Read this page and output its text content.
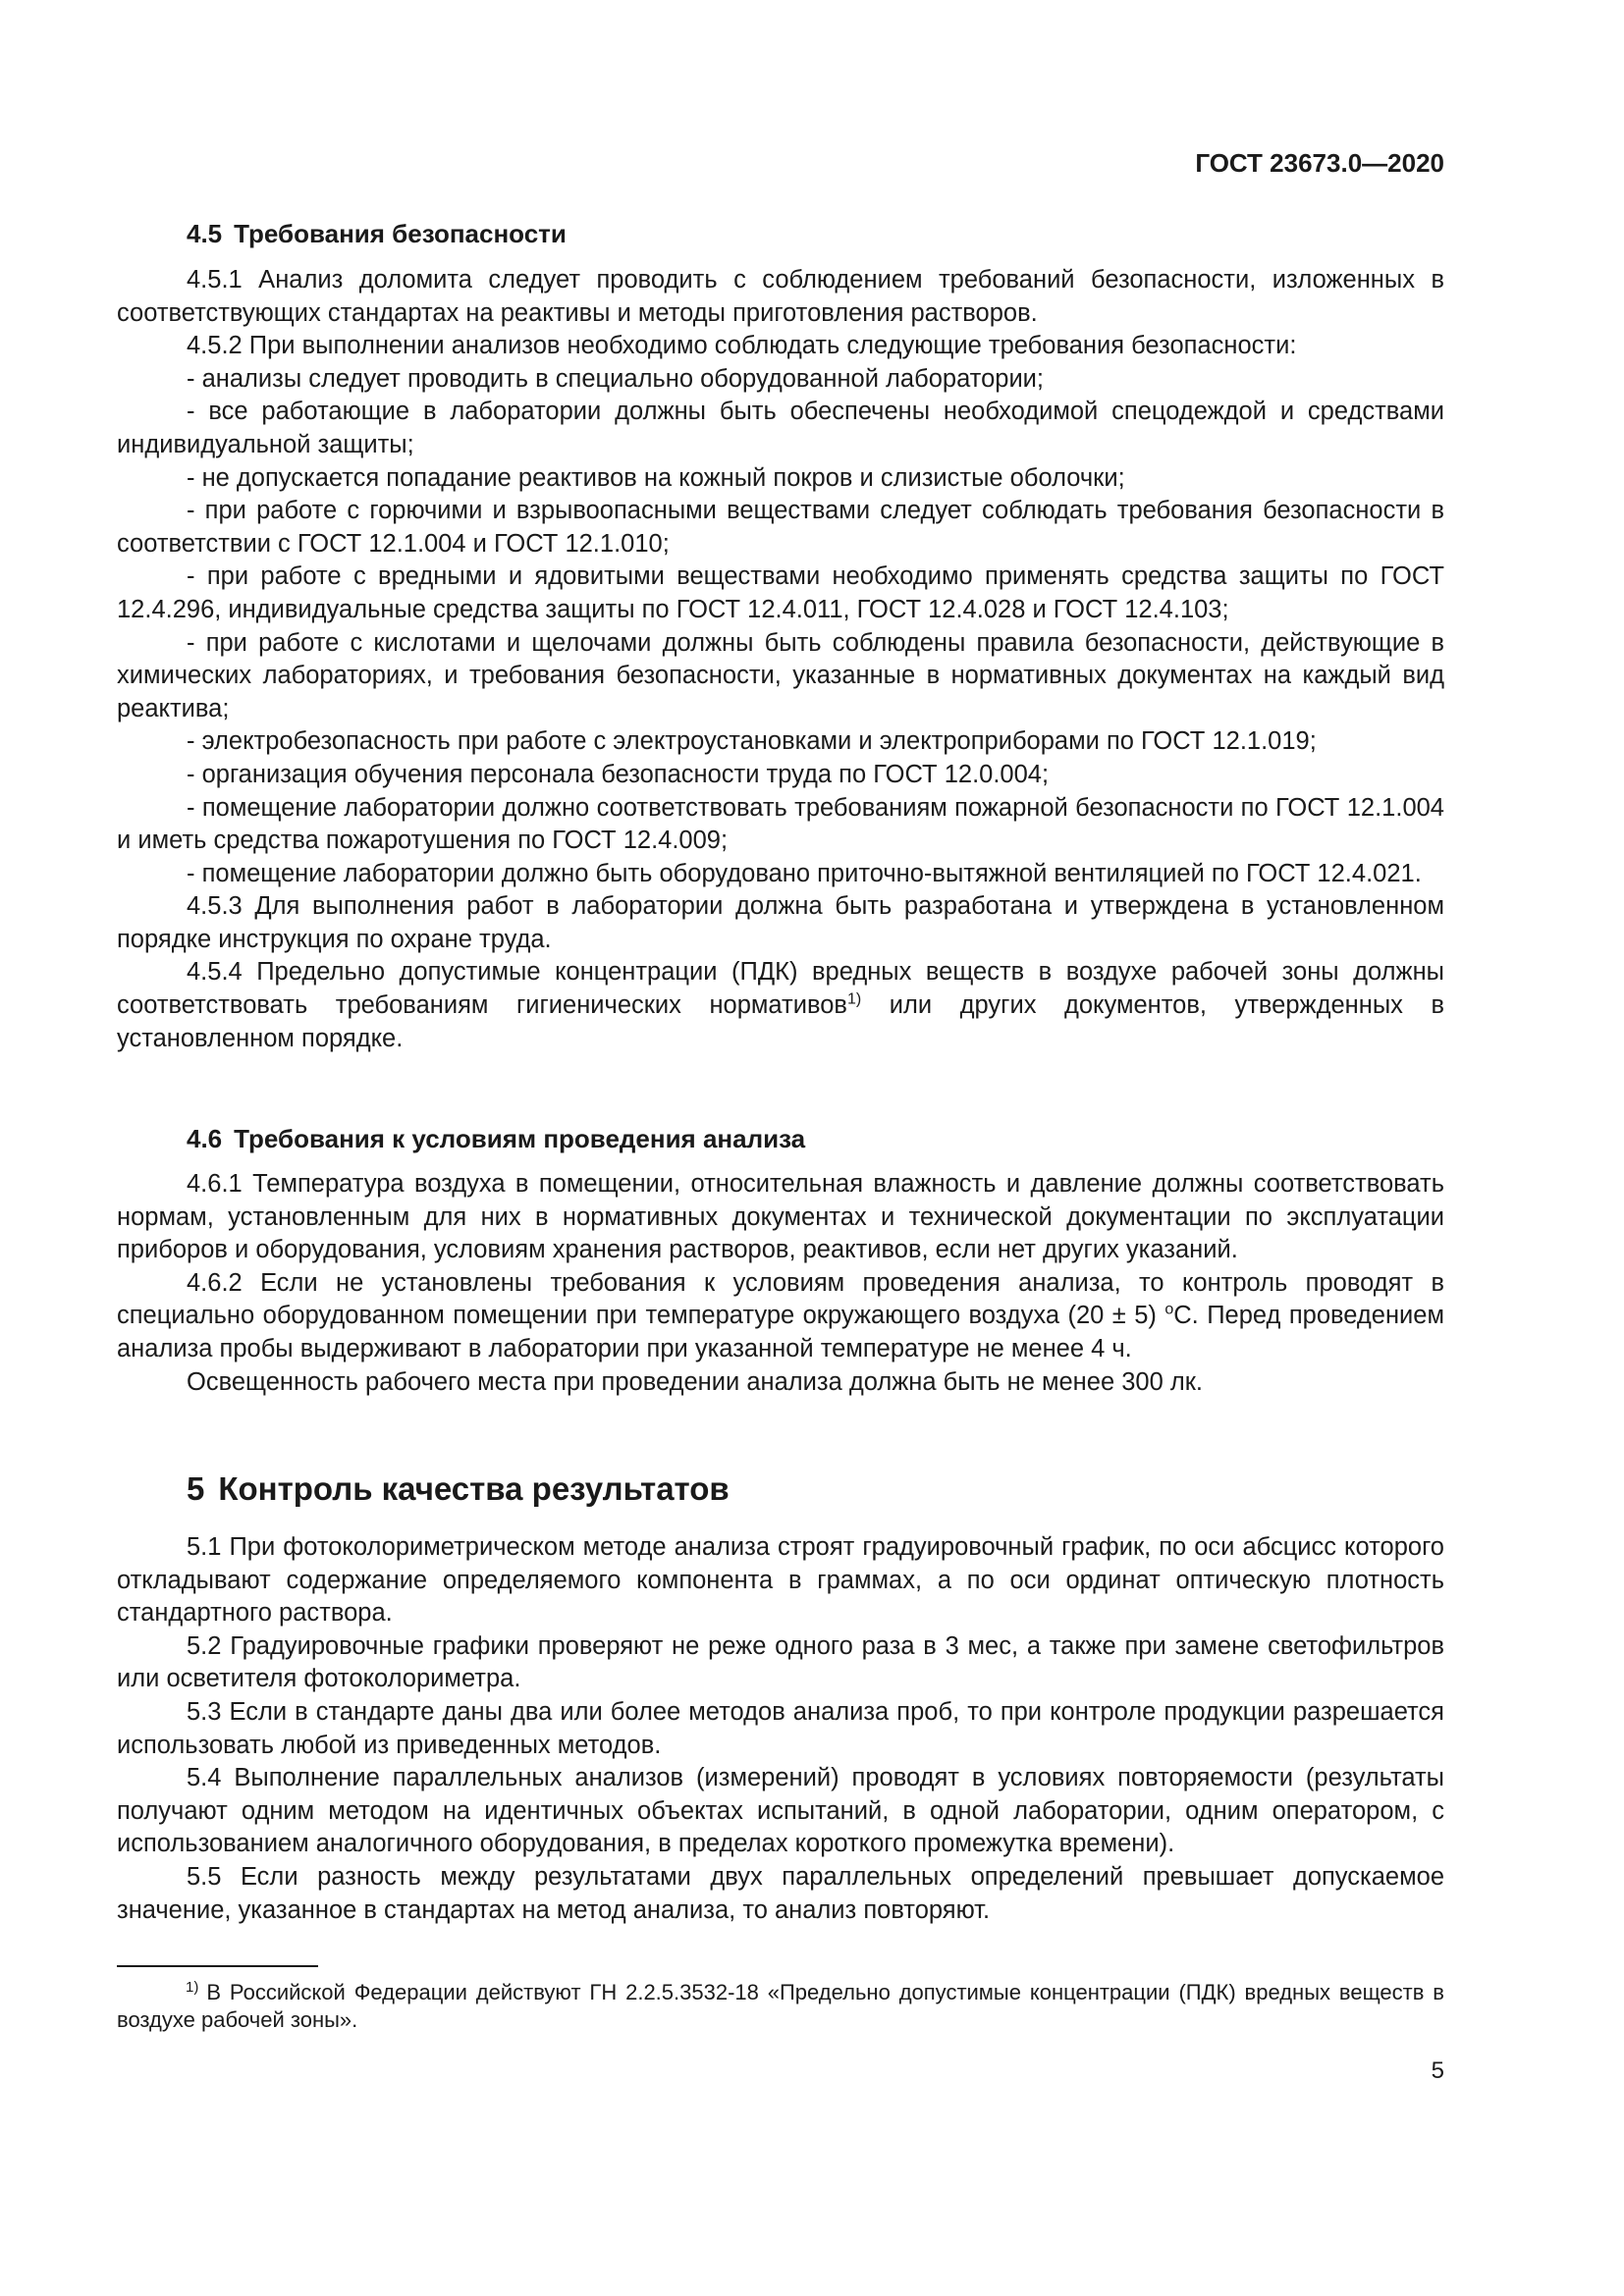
ГОСТ 23673.0—2020
4.5 Требования безопасности

4.5.1 Анализ доломита следует проводить с соблюдением требований безопасности, изложенных в соответствующих стандартах на реактивы и методы приготовления растворов.

4.5.2 При выполнении анализов необходимо соблюдать следующие требования безопасности:

- анализы следует проводить в специально оборудованной лаборатории;

- все работающие в лаборатории должны быть обеспечены необходимой спецодеждой и средствами индивидуальной защиты;

- не допускается попадание реактивов на кожный покров и слизистые оболочки;

- при работе с горючими и взрывоопасными веществами следует соблюдать требования безопасности в соответствии с ГОСТ 12.1.004 и ГОСТ 12.1.010;

- при работе с вредными и ядовитыми веществами необходимо применять средства защиты по ГОСТ 12.4.296, индивидуальные средства защиты по ГОСТ 12.4.011, ГОСТ 12.4.028 и ГОСТ 12.4.103;

- при работе с кислотами и щелочами должны быть соблюдены правила безопасности, действующие в химических лабораториях, и требования безопасности, указанные в нормативных документах на каждый вид реактива;

- электробезопасность при работе с электроустановками и электроприборами по ГОСТ 12.1.019;

- организация обучения персонала безопасности труда по ГОСТ 12.0.004;

- помещение лаборатории должно соответствовать требованиям пожарной безопасности по ГОСТ 12.1.004 и иметь средства пожаротушения по ГОСТ 12.4.009;

- помещение лаборатории должно быть оборудовано приточно-вытяжной вентиляцией по ГОСТ 12.4.021.

4.5.3 Для выполнения работ в лаборатории должна быть разработана и утверждена в установленном порядке инструкция по охране труда.

4.5.4 Предельно допустимые концентрации (ПДК) вредных веществ в воздухе рабочей зоны должны соответствовать требованиям гигиенических нормативов$^{1)}$ или других документов, утвержденных в установленном порядке.

4.6 Требования к условиям проведения анализа

4.6.1 Температура воздуха в помещении, относительная влажность и давление должны соответствовать нормам, установленным для них в нормативных документах и технической документации по эксплуатации приборов и оборудования, условиям хранения растворов, реактивов, если нет других указаний.

4.6.2 Если не установлены требования к условиям проведения анализа, то контроль проводят в специально оборудованном помещении при температуре окружающего воздуха (20 ± 5) $^o$С. Перед проведением анализа пробы выдерживают в лаборатории при указанной температуре не менее 4 ч.

Освещенность рабочего места при проведении анализа должна быть не менее 300 лк.

5 Контроль качества результатов

5.1 При фотоколориметрическом методе анализа строят градуировочный график, по оси абсцисс которого откладывают содержание определяемого компонента в граммах, а по оси ординат оптическую плотность стандартного раствора.

5.2 Градуировочные графики проверяют не реже одного раза в 3 мес, а также при замене светофильтров или осветителя фотоколориметра.

5.3 Если в стандарте даны два или более методов анализа проб, то при контроле продукции разрешается использовать любой из приведенных методов.

5.4 Выполнение параллельных анализов (измерений) проводят в условиях повторяемости (результаты получают одним методом на идентичных объектах испытаний, в одной лаборатории, одним оператором, с использованием аналогичного оборудования, в пределах короткого промежутка времени).

5.5 Если разность между результатами двух параллельных определений превышает допускаемое значение, указанное в стандартах на метод анализа, то анализ повторяют.

$^{1)}$ В Российской Федерации действуют ГН 2.2.5.3532-18 «Предельно допустимые концентрации (ПДК) вредных веществ в воздухе рабочей зоны».
5
